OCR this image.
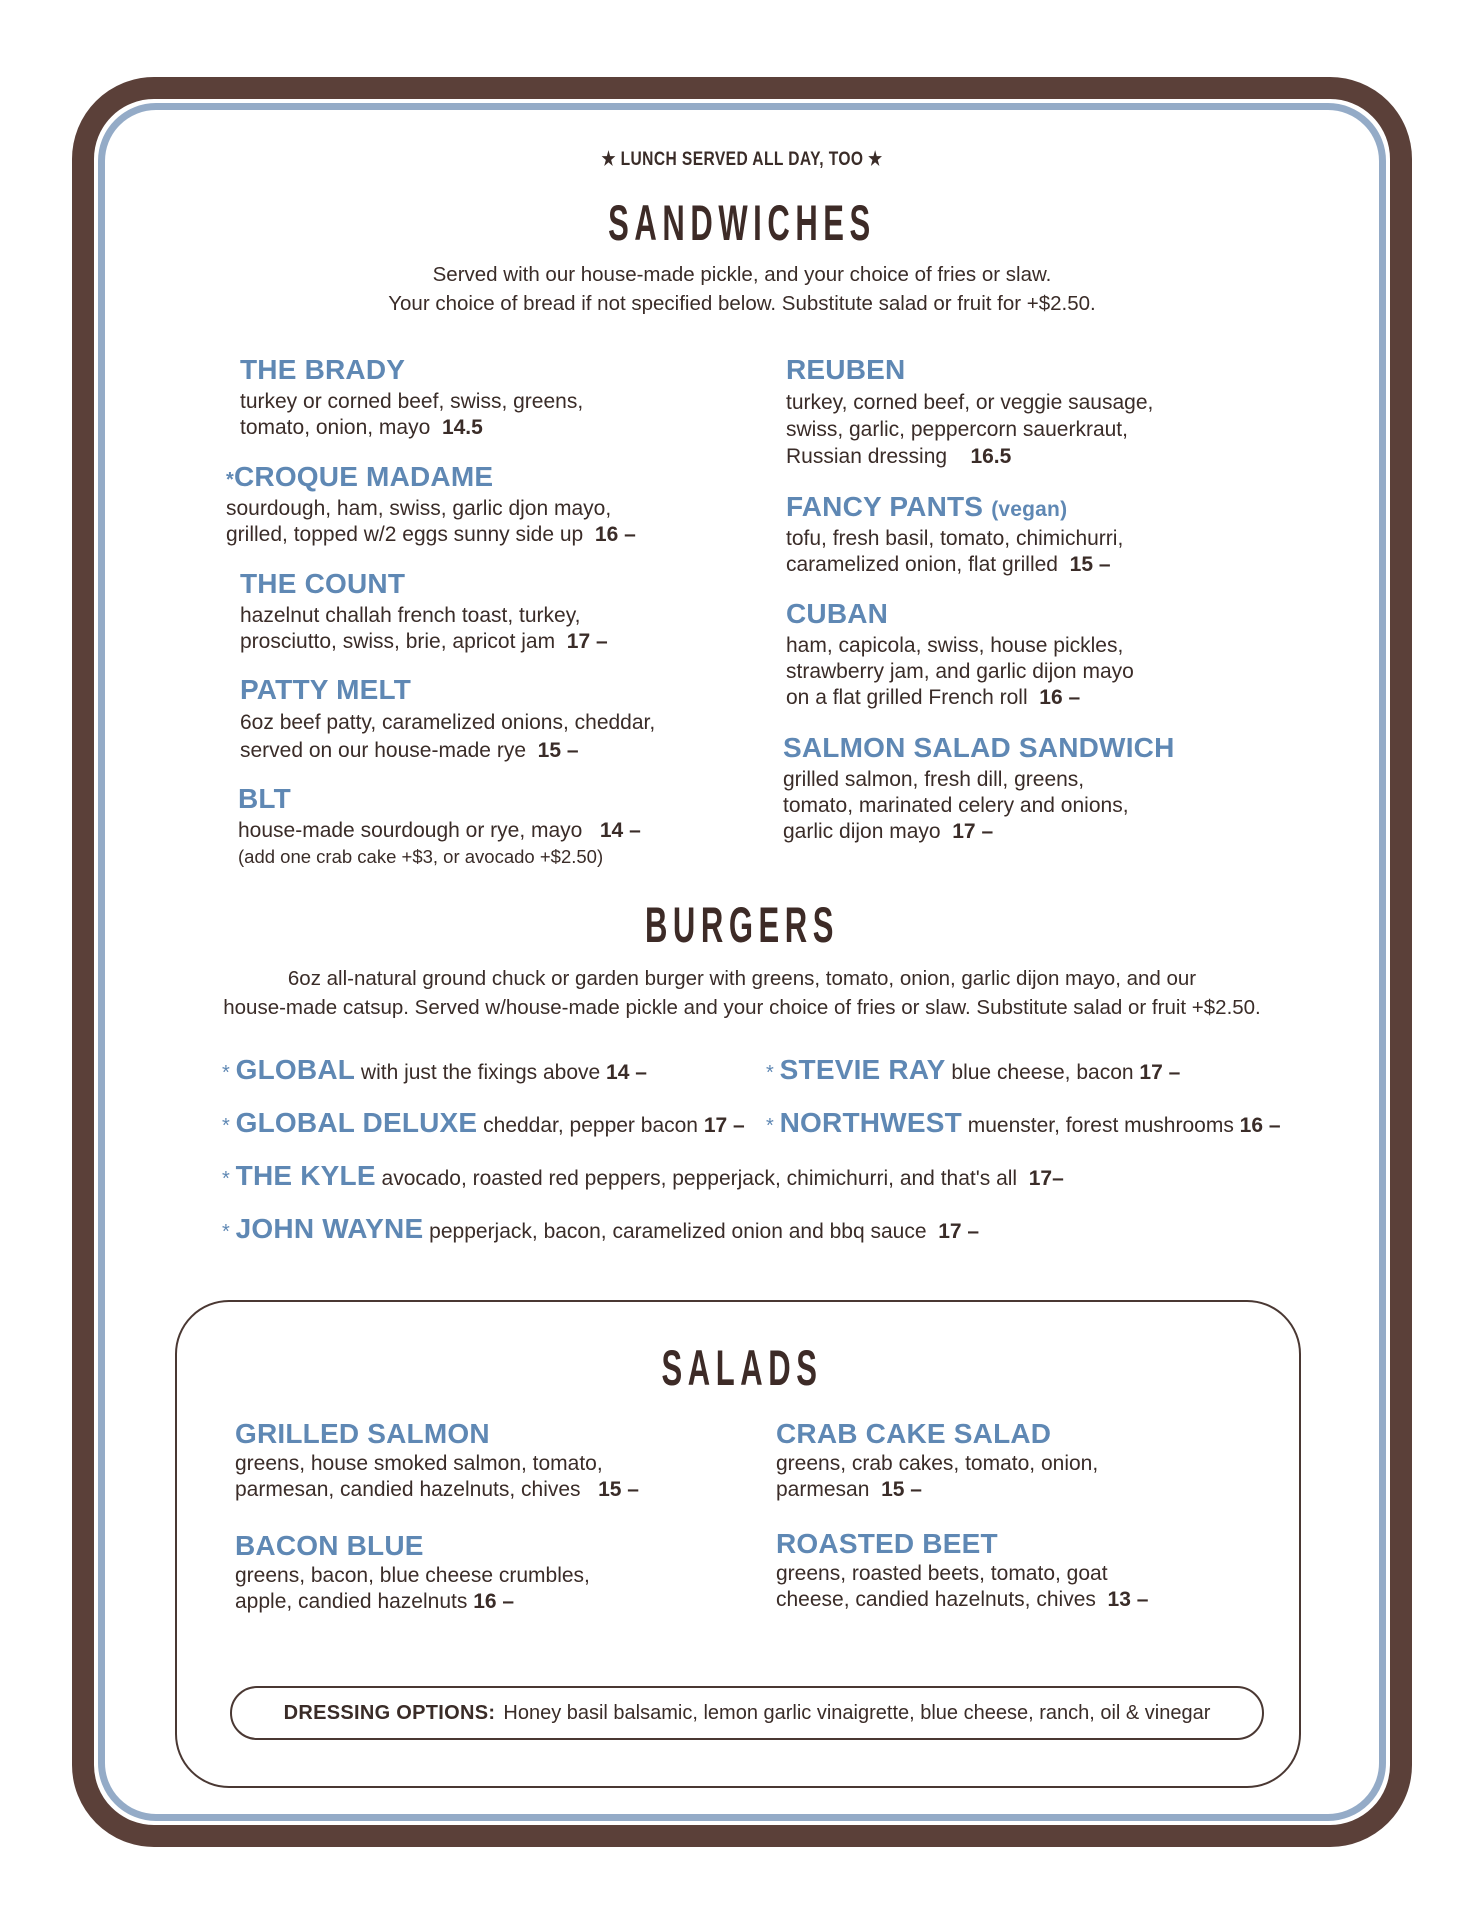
★ LUNCH SERVED ALL DAY, TOO ★
SANDWICHES
Served with our house-made pickle, and your choice of fries or slaw.
Your choice of bread if not specified below. Substitute salad or fruit for +$2.50.
THE BRADY
turkey or corned beef, swiss, greens,
tomato, onion, mayo 14.5
*CROQUE MADAME
sourdough, ham, swiss, garlic djon mayo,
grilled, topped w/2 eggs sunny side up 16 –
THE COUNT
hazelnut challah french toast, turkey,
prosciutto, swiss, brie, apricot jam 17 –
PATTY MELT
6oz beef patty, caramelized onions, cheddar,
served on our house-made rye 15 –
BLT
house-made sourdough or rye, mayo 14 –
(add one crab cake +$3, or avocado +$2.50)
REUBEN
turkey, corned beef, or veggie sausage,
swiss, garlic, peppercorn sauerkraut,
Russian dressing 16.5
FANCY PANTS (vegan)
tofu, fresh basil, tomato, chimichurri,
caramelized onion, flat grilled 15 –
CUBAN
ham, capicola, swiss, house pickles,
strawberry jam, and garlic dijon mayo
on a flat grilled French roll 16 –
SALMON SALAD SANDWICH
grilled salmon, fresh dill, greens,
tomato, marinated celery and onions,
garlic dijon mayo 17 –
BURGERS
6oz all-natural ground chuck or garden burger with greens, tomato, onion, garlic dijon mayo, and our
house-made catsup. Served w/house-made pickle and your choice of fries or slaw. Substitute salad or fruit +$2.50.
* GLOBAL with just the fixings above 14 –	* STEVIE RAY blue cheese, bacon 17 –
* GLOBAL DELUXE cheddar, pepper bacon 17 – * NORTHWEST muenster, forest mushrooms 16 –
* THE KYLE avocado, roasted red peppers, pepperjack, chimichurri, and that's all 17–
* JOHN WAYNE pepperjack, bacon, caramelized onion and bbq sauce 17 –
SALADS
GRILLED SALMON
greens, house smoked salmon, tomato,
parmesan, candied hazelnuts, chives 15 –
BACON BLUE
greens, bacon, blue cheese crumbles,
apple, candied hazelnuts 16 –
CRAB CAKE SALAD
greens, crab cakes, tomato, onion,
parmesan 15 –
ROASTED BEET
greens, roasted beets, tomato, goat
cheese, candied hazelnuts, chives 13 –
DRESSING OPTIONS: Honey basil balsamic, lemon garlic vinaigrette, blue cheese, ranch, oil & vinegar
